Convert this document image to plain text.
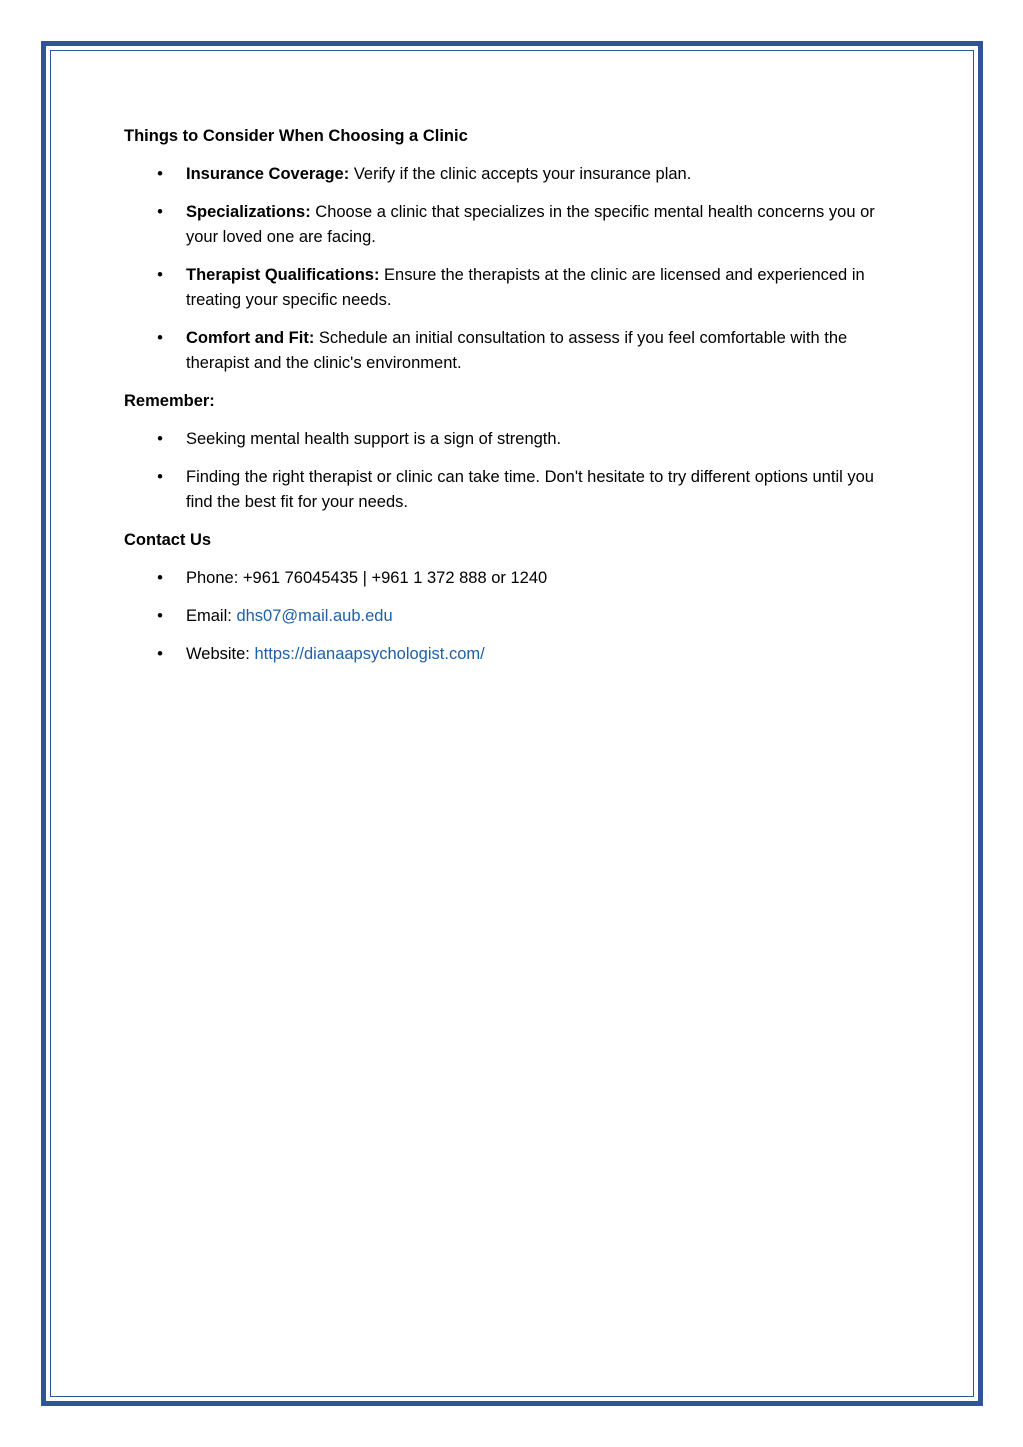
Things to Consider When Choosing a Clinic
• Insurance Coverage: Verify if the clinic accepts your insurance plan.
• Specializations: Choose a clinic that specializes in the specific mental health concerns you or your loved one are facing.
• Therapist Qualifications: Ensure the therapists at the clinic are licensed and experienced in treating your specific needs.
• Comfort and Fit: Schedule an initial consultation to assess if you feel comfortable with the therapist and the clinic's environment.
Remember:
• Seeking mental health support is a sign of strength.
• Finding the right therapist or clinic can take time. Don't hesitate to try different options until you find the best fit for your needs.
Contact Us
• Phone: +961 76045435 | +961 1 372 888 or 1240
• Email: dhs07@mail.aub.edu
• Website: https://dianaapsychologist.com/
